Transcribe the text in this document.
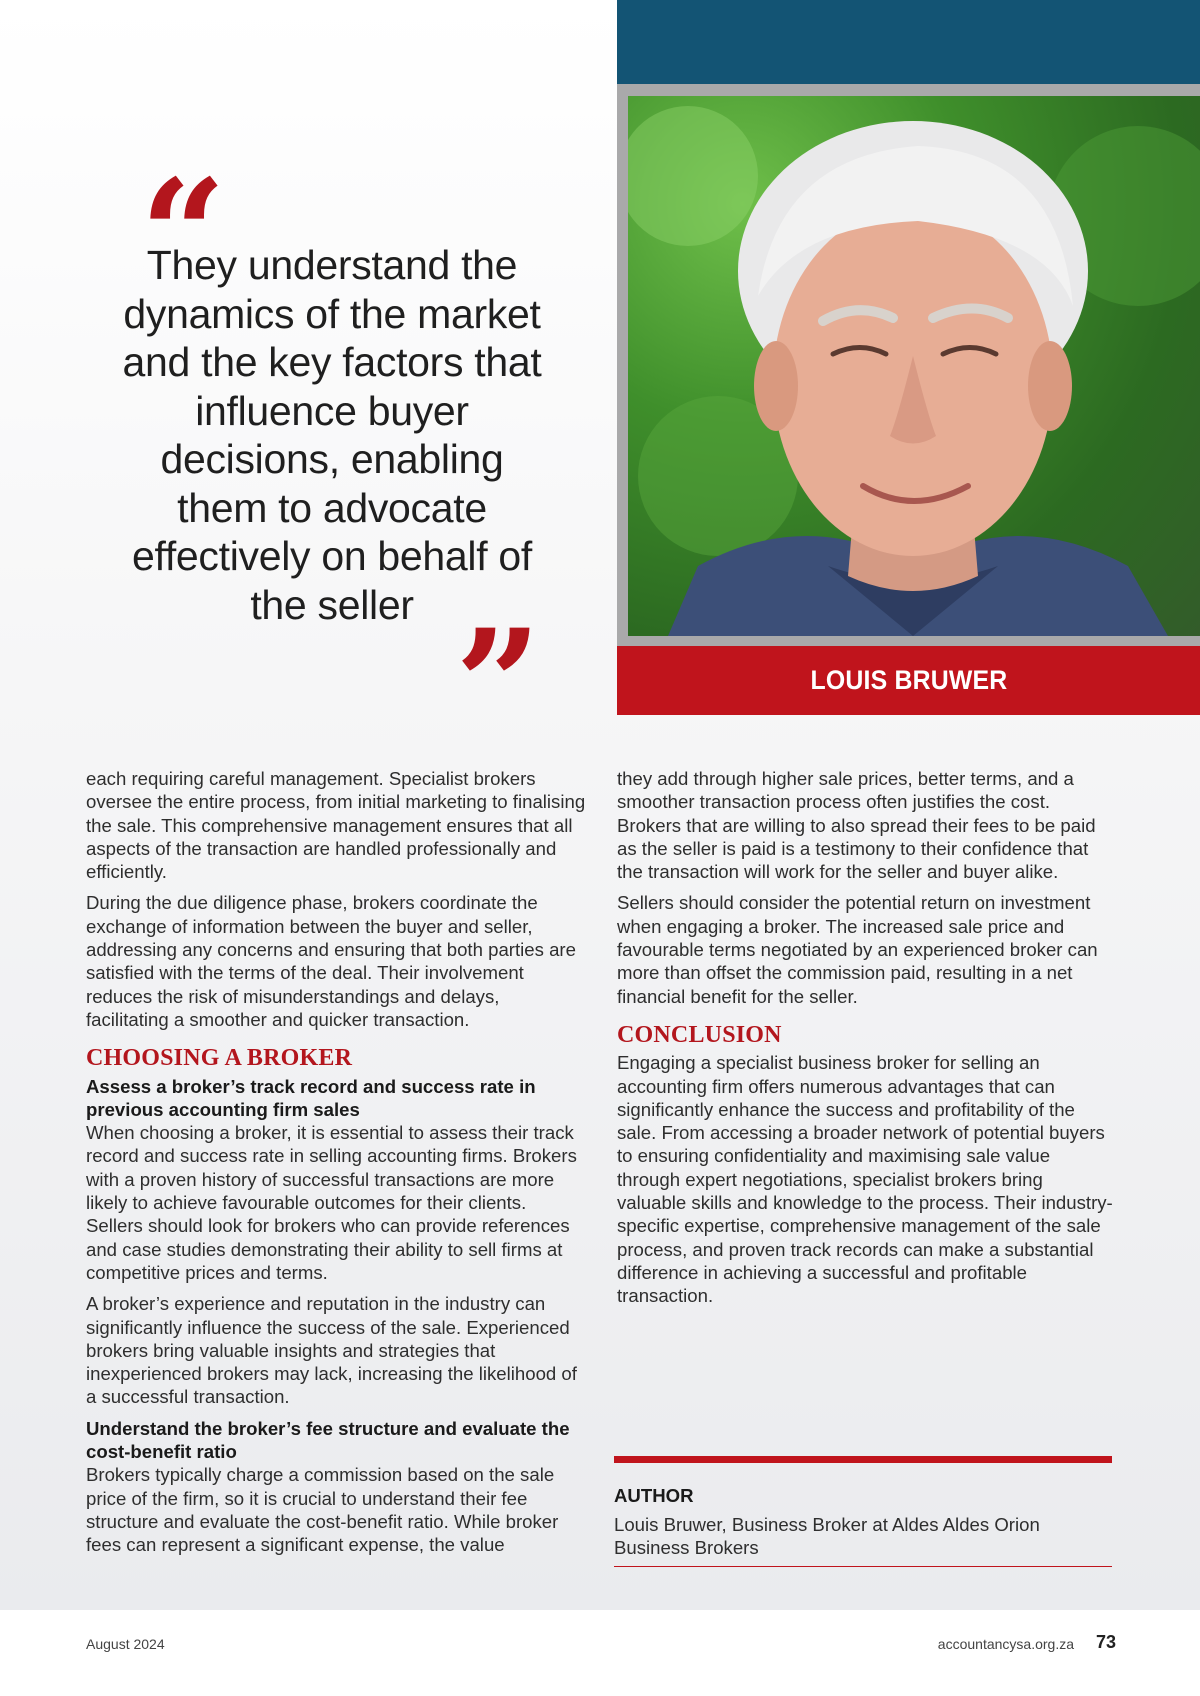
LOUIS BRUWER
“
They understand the dynamics of the market and the key factors that influence buyer decisions, enabling them to advocate effectively on behalf of the seller ”

each requiring careful management. Specialist brokers oversee the entire process, from initial marketing to finalising the sale. This comprehensive management ensures that all aspects of the transaction are handled professionally and efficiently.

During the due diligence phase, brokers coordinate the exchange of information between the buyer and seller, addressing any concerns and ensuring that both parties are satisfied with the terms of the deal. Their involvement reduces the risk of misunderstandings and delays, facilitating a smoother and quicker transaction.

CHOOSING A BROKER
Assess a broker’s track record and success rate in previous accounting firm sales

When choosing a broker, it is essential to assess their track record and success rate in selling accounting firms. Brokers with a proven history of successful transactions are more likely to achieve favourable outcomes for their clients. Sellers should look for brokers who can provide references and case studies demonstrating their ability to sell firms at competitive prices and terms.

A broker’s experience and reputation in the industry can significantly influence the success of the sale. Experienced brokers bring valuable insights and strategies that inexperienced brokers may lack, increasing the likelihood of a successful transaction.

Understand the broker’s fee structure and evaluate the cost-benefit ratio

Brokers typically charge a commission based on the sale price of the firm, so it is crucial to understand their fee structure and evaluate the cost-benefit ratio. While broker fees can represent a significant expense, the value

they add through higher sale prices, better terms, and a smoother transaction process often justifies the cost. Brokers that are willing to also spread their fees to be paid as the seller is paid is a testimony to their confidence that the transaction will work for the seller and buyer alike.

Sellers should consider the potential return on investment when engaging a broker. The increased sale price and favourable terms negotiated by an experienced broker can more than offset the commission paid, resulting in a net financial benefit for the seller.

CONCLUSION

Engaging a specialist business broker for selling an accounting firm offers numerous advantages that can significantly enhance the success and profitability of the sale. From accessing a broader network of potential buyers to ensuring confidentiality and maximising sale value through expert negotiations, specialist brokers bring valuable skills and knowledge to the process. Their industry-specific expertise, comprehensive management of the sale process, and proven track records can make a substantial difference in achieving a successful and profitable transaction.

AUTHOR
Louis Bruwer, Business Broker at Aldes Aldes Orion Business Brokers
August 2024	accountancysa.org.za 73
